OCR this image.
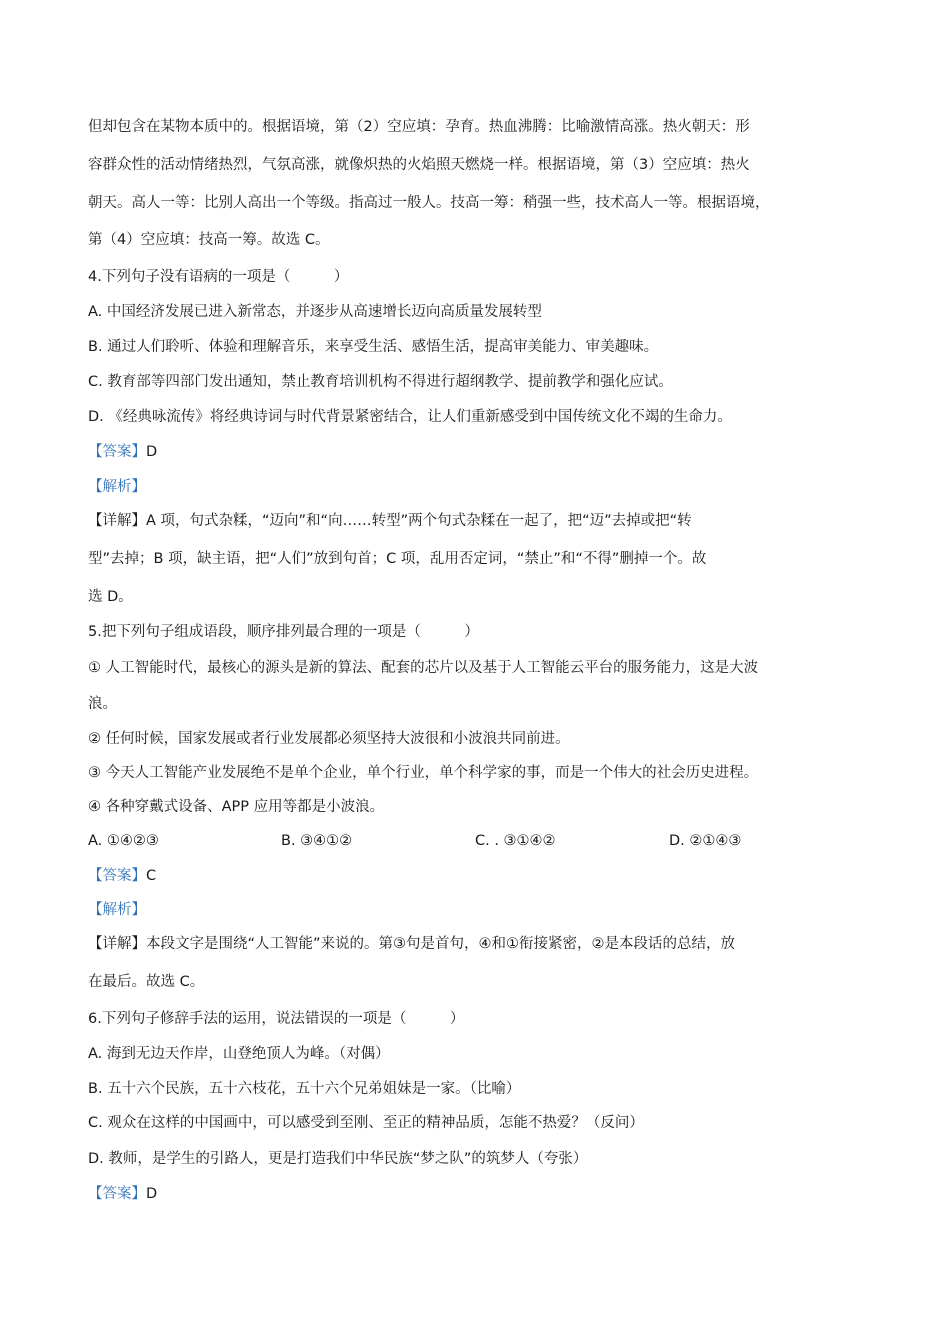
但却包含在某物本质中的。根据语境，第（2）空应填：孕育。热血沸腾：比喻激情高涨。热火朝天：形
容群众性的活动情绪热烈，气氛高涨，就像炽热的火焰照天燃烧一样。根据语境，第（3）空应填：热火
朝天。高人一等：比别人高出一个等级。指高过一般人。技高一筹：稍强一些，技术高人一等。根据语境，
第（4）空应填：技高一筹。故选 C。
4.下列句子没有语病的一项是（　　　）
A. 中国经济发展已进入新常态，并逐步从高速增长迈向高质量发展转型
B. 通过人们聆听、体验和理解音乐，来享受生活、感悟生活，提高审美能力、审美趣味。
C. 教育部等四部门发出通知，禁止教育培训机构不得进行超纲教学、提前教学和强化应试。
D. 《经典咏流传》将经典诗词与时代背景紧密结合，让人们重新感受到中国传统文化不竭的生命力。
【答案】D
【解析】
【详解】A 项，句式杂糅，“迈向”和“向……转型”两个句式杂糅在一起了，把“迈”去掉或把“转
型”去掉；B 项，缺主语，把“人们”放到句首；C 项，乱用否定词，“禁止”和“不得”删掉一个。故
选 D。
5.把下列句子组成语段，顺序排列最合理的一项是（　　　）
① 人工智能时代，最核心的源头是新的算法、配套的芯片以及基于人工智能云平台的服务能力，这是大波
浪。
② 任何时候，国家发展或者行业发展都必须坚持大波很和小波浪共同前进。
③ 今天人工智能产业发展绝不是单个企业，单个行业，单个科学家的事，而是一个伟大的社会历史进程。
④ 各种穿戴式设备、APP 应用等都是小波浪。
A. ①④②③	B. ③④①②	C. . ③①④②	D. ②①④③
【答案】C
【解析】
【详解】本段文字是围绕“人工智能”来说的。第③句是首句，④和①衔接紧密，②是本段话的总结，放
在最后。故选 C。
6.下列句子修辞手法的运用，说法错误的一项是（　　　）
A. 海到无边天作岸，山登绝顶人为峰。（对偶）
B. 五十六个民族，五十六枝花，五十六个兄弟姐妹是一家。（比喻）
C. 观众在这样的中国画中，可以感受到至刚、至正的精神品质，怎能不热爱？（反问）
D. 教师，是学生的引路人，更是打造我们中华民族“梦之队”的筑梦人（夸张）
【答案】D
